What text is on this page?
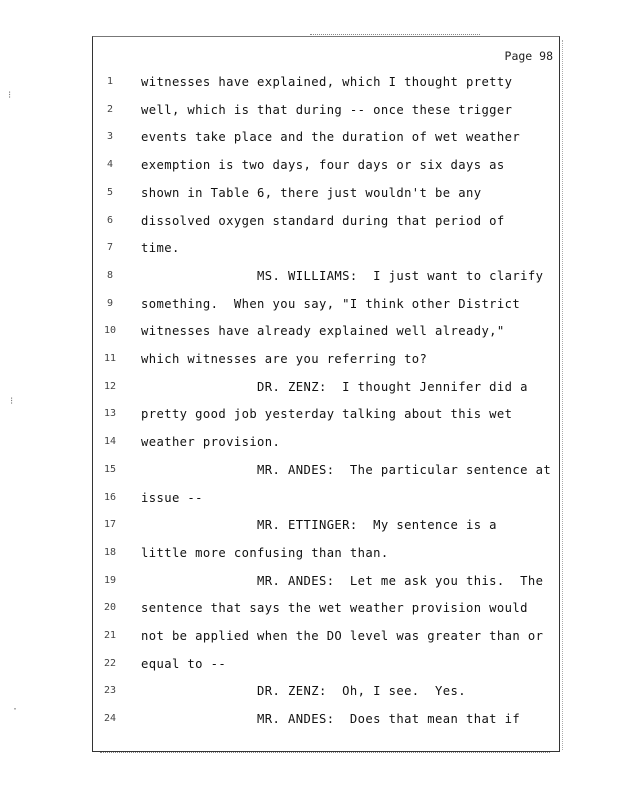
⁝
⁝
·
Page 98
1	witnesses have explained, which I thought pretty
2	well, which is that during -- once these trigger
3	events take place and the duration of wet weather
4	exemption is two days, four days or six days as
5	shown in Table 6, there just wouldn't be any
6	dissolved oxygen standard during that period of
7	time.
8	MS. WILLIAMS:  I just want to clarify
9	something.  When you say, "I think other District
10	witnesses have already explained well already,"
11	which witnesses are you referring to?
12	DR. ZENZ:  I thought Jennifer did a
13	pretty good job yesterday talking about this wet
14	weather provision.
15	MR. ANDES:  The particular sentence at
16	issue --
17	MR. ETTINGER:  My sentence is a
18	little more confusing than than.
19	MR. ANDES:  Let me ask you this.  The
20	sentence that says the wet weather provision would
21	not be applied when the DO level was greater than or
22	equal to --
23	DR. ZENZ:  Oh, I see.  Yes.
24	MR. ANDES:  Does that mean that if
